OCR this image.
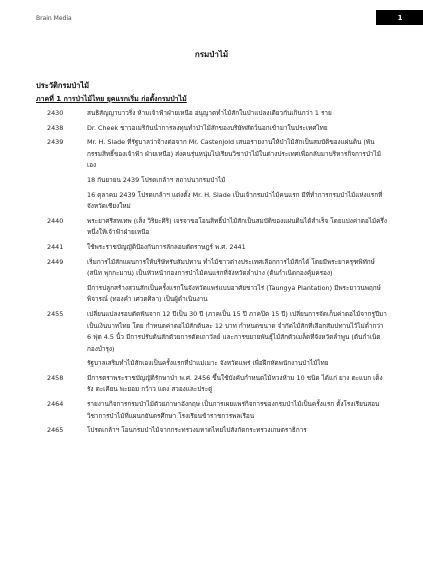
Brain Media	1
กรมป่าไม้
ประวัติกรมป่าไม้
ภาคที่ 1 การป่าไม้ไทย ยุคแรกเริ่ม ก่อตั้งกรมป่าไม้
2430	สนธิสัญญาบาวริ่ง ห้ามเจ้าฟ้าฝ่ายเหนือ อนุญาตทำไม้สักในป่าแปลงเดียวกันเกินกว่า 1 ราย

2438	Dr. Cheek ชาวอเมริกันนำการลงทุนทำป่าไม้สักของบริษัทสัตว์นอกเข้ามาในประเทศไทย

2439	Mr. H. Slade ที่รัฐบาลว่าจ้างต่อจาก Mr. Castenjold เสนอรายงานให้ป่าไม้สักเป็นสมบัติของแผ่นดิน (พันกรรมสิทธิ์ของเจ้าฟ้า ฝ่ายเหนือ) ส่งคนรุ่นหนุ่มไปเรียนวิชาป่าไม้ในต่างประเทศเพื่อกลับมาบริหารกิจการป่าไม้เอง

18 กันยายน 2439 โปรดเกล้าฯ สถาปนากรมป่าไม้

16 ตุลาคม 2439 โปรดเกล้าฯ แต่งตั้ง Mr. H. Slade เป็นเจ้ากรมป่าไม้คนแรก มีที่ทำการกรมป่าไม้แห่งแรกที่จังหวัดเชียงใหม่

2440	พระยาศรีสหเทพ (เส็ง วิริยะศิริ) เจรจาขอโอนสิทธิ์ป่าไม้สักเป็นสมบัติของแผ่นดินได้สำเร็จ โดยแบ่งค่าตอไม้ครึ่งหนึ่งให้เจ้าฟ้าฝ่ายเหนือ

2441	ใช้พระราชบัญญัติป้องกันการลักลอบตัดราษฎร์ พ.ศ. 2441

2449	เริ่มการไม้สักแผนการให้บริษัทรับสัมปทาน ทำไม้ชาวต่างประเทศเลือกการไม้สักได้ โดยมีพระยาครุฑพิทักษ์ (สนิท พุกกะมาน) เป็นหัวหน้ากองการป่าไม้คนแรกที่จังหวัดลำปาง (ต้นกำเนิดกองคุ้มครอง)

มีการปลูกสร้างสวนสักเป็นครั้งแรกในจังหวัดแพร่แบบอาศัยชาวไร่ (Taungya Plantation) มีพระยาวนพฤกษ์พิจารณ์ (ทองคำ เศวตศิลา) เป็นผู้ดำเนินงาน

2455	เปลี่ยนแปลงรอบตัดฟันจาก 12 ปีเป็น 30 ปี (ภาคเป็น 15 ปี ภาคปิด 15 ปี) เปลี่ยนการจัดเก็บค่าตอไม้จากรูปีมาเป็นเงินบาทไทย โดย กำหนดค่าตอไม้สักต้นละ 12 บาท กำหนดขนาด จำกัดไม้สักที่เลือกสัมปทานไว้ไม่ต่ำกว่า 6 ฟุต 4.5 นิ้ว มีการปรับต้นสักตัวยการตัดเถาวัลย์ และการขยายพันธุ์ไม้สักตัวเมล็ดที่จังหวัดลำพูน (ต้นกำเนิดกองบำรุง)

รัฐบาลเสริมทำไม้สักเองเป็นครั้งแรกที่ป่าแม่เมาะ จังหวัดแพร่ เพื่อฝึกหัดพนักงานป่าไม้ไทย

2458	มีการตราพระราชบัญญัติรักษาป่า พ.ศ. 2456 ขึ้นใช้บังคับกำหนดไม้หวงห้าม 10 ชนิด ได้แก่ ยาง ตะแบก เต็ง รัง ตะเคียน พะยอม กว้าว แดง สวองและประดู่

2464	รายงานกิจการกรมป่าไม้ตัวยภาษาอังกฤษ เป็นการเผยแพร่กิจการของกรมป่าไม้เป็นครั้งแรก ตั้งโรงเรียนสอนวิชาการป่าไม้ที่แผนกยันตรศึกษา โรงเรียนข้าราชการพลเรือน

2465	โปรดเกล้าฯ โอนกรมป่าไม้จากกระทรวงมหาดไทยไปสังกัดกระทรวงเกษตราธิการ
